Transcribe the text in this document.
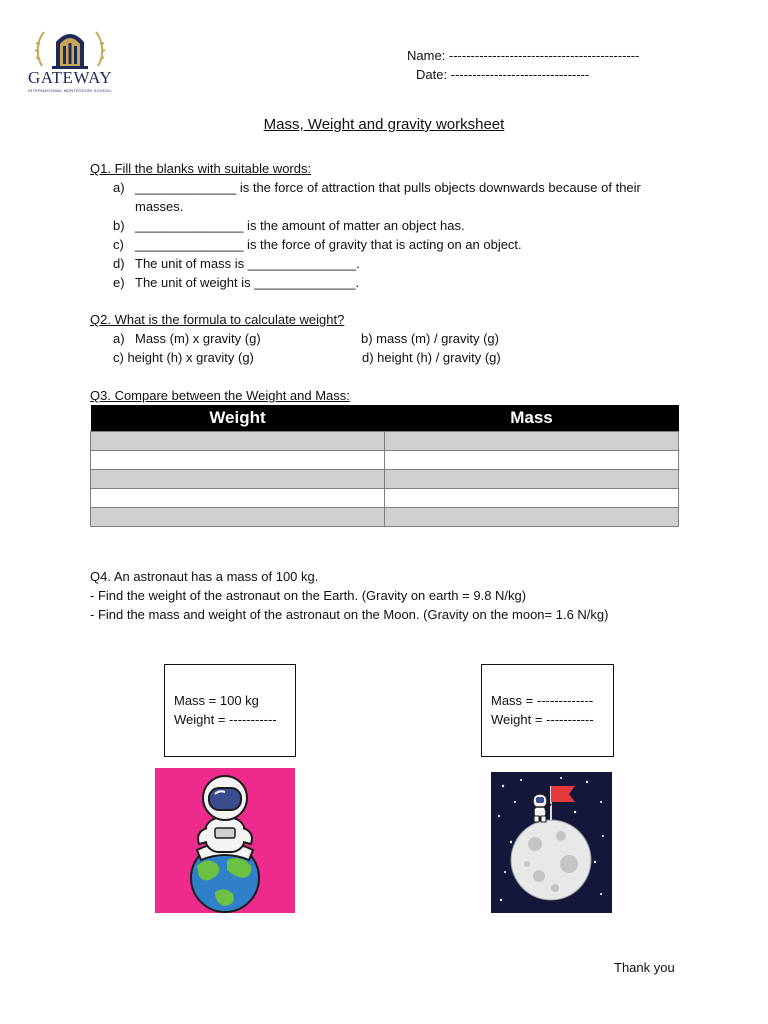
GATEWAY
INTERNATIONAL MONTESSORI SCHOOL
Name: --------------------------------------------
Date: --------------------------------
Mass, Weight and gravity worksheet
Q1. Fill the blanks with suitable words:
a) ______________ is the force of attraction that pulls objects downwards because of their
masses.
b) _______________ is the amount of matter an object has.
c) _______________ is the force of gravity that is acting on an object.
d) The unit of mass is _______________.
e) The unit of weight is ______________.
Q2. What is the formula to calculate weight?
a) Mass (m) x gravity (g)	b) mass (m) / gravity (g)
c) height (h) x gravity (g)	d) height (h) / gravity (g)
Q3. Compare between the Weight and Mass:
Weight	Mass

Q4. An astronaut has a mass of 100 kg.
- Find the weight of the astronaut on the Earth. (Gravity on earth = 9.8 N/kg)
- Find the mass and weight of the astronaut on the Moon. (Gravity on the moon= 1.6 N/kg)
Mass = 100 kg
Weight = -----------
Mass = -------------
Weight = -----------
Thank you
